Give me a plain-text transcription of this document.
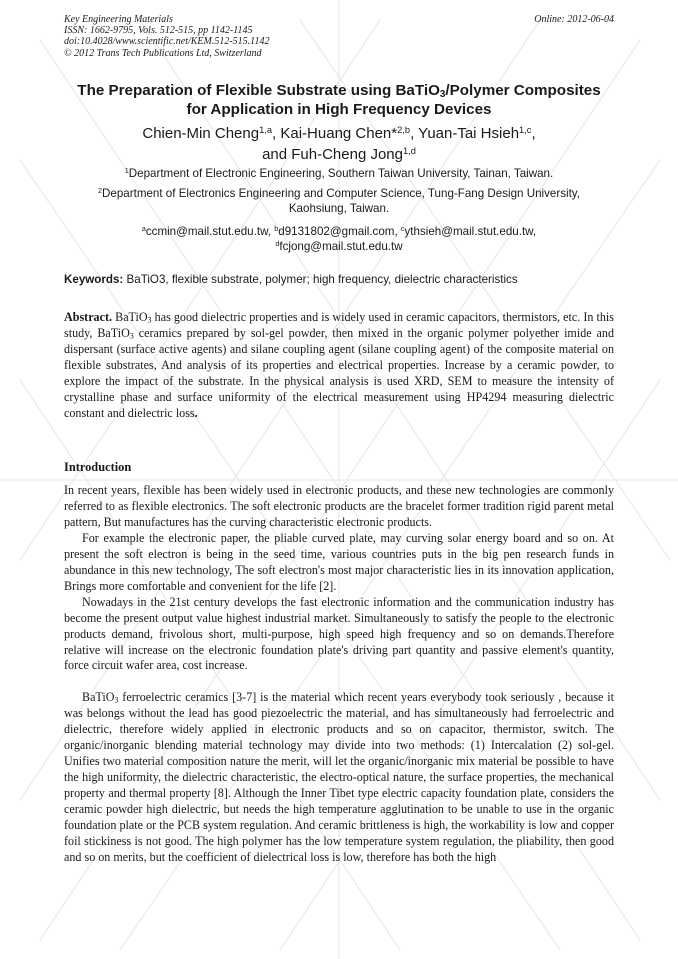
Key Engineering Materials
ISSN: 1662-9795, Vols. 512-515, pp 1142-1145
doi:10.4028/www.scientific.net/KEM.512-515.1142
© 2012 Trans Tech Publications Ltd, Switzerland
Online: 2012-06-04
The Preparation of Flexible Substrate using BaTiO$_3$/Polymer Composites
for Application in High Frequency Devices
Chien-Min Cheng$^{1,a}$, Kai-Huang Chen*$^{2,b}$, Yuan-Tai Hsieh$^{1,c}$,
and Fuh-Cheng Jong$^{1,d}$
$^1$Department of Electronic Engineering, Southern Taiwan University, Tainan, Taiwan.
$^2$Department of Electronics Engineering and Computer Science, Tung-Fang Design University,
Kaohsiung, Taiwan.
$^a$ccmin@mail.stut.edu.tw, $^b$d9131802@gmail.com, $^c$ythsieh@mail.stut.edu.tw,
$^d$fcjong@mail.stut.edu.tw
Keywords: BaTiO3, flexible substrate, polymer; high frequency, dielectric characteristics
Abstract. BaTiO$_3$ has good dielectric properties and is widely used in ceramic capacitors, thermistors, etc. In this study, BaTiO$_3$ ceramics prepared by sol-gel powder, then mixed in the organic polymer polyether imide and dispersant (surface active agents) and silane coupling agent (silane coupling agent) of the composite material on flexible substrates, And analysis of its properties and electrical properties. Increase by a ceramic powder, to explore the impact of the substrate. In the physical analysis is used XRD, SEM to measure the intensity of crystalline phase and surface uniformity of the electrical measurement using HP4294 measuring dielectric constant and dielectric loss.
Introduction

In recent years, flexible has been widely used in electronic products, and these new technologies are commonly referred to as flexible electronics. The soft electronic products are the bracelet former tradition rigid parent metal pattern, But manufactures has the curving characteristic electronic products.

For example the electronic paper, the pliable curved plate, may curving solar energy board and so on. At present the soft electron is being in the seed time, various countries puts in the big pen research funds in abundance in this new technology, The soft electron's most major characteristic lies in its innovation application, Brings more comfortable and convenient for the life [2].

Nowadays in the 21st century develops the fast electronic information and the communication industry has become the present output value highest industrial market. Simultaneously to satisfy the people to the electronic products demand, frivolous short, multi-purpose, high speed high frequency and so on demands.Therefore relative will increase on the electronic foundation plate's driving part quantity and passive element's quantity, force circuit wafer area, cost increase.

BaTiO$_3$ ferroelectric ceramics [3-7] is the material which recent years everybody took seriously , because it was belongs without the lead has good piezoelectric the material, and has simultaneously had ferroelectric and dielectric, therefore widely applied in electronic products and so on capacitor, thermistor, switch. The organic/inorganic blending material technology may divide into two methods: (1) Intercalation (2) sol-gel. Unifies two material composition nature the merit, will let the organic/inorganic mix material be possible to have the high uniformity, the dielectric characteristic, the electro-optical nature, the surface properties, the mechanical property and thermal property [8]. Although the Inner Tibet type electric capacity foundation plate, considers the ceramic powder high dielectric, but needs the high temperature agglutination to be unable to use in the organic foundation plate or the PCB system regulation. And ceramic brittleness is high, the workability is low and copper foil stickiness is not good. The high polymer has the low temperature system regulation, the pliability, then good and so on merits, but the coefficient of dielectrical loss is low, therefore has both the high
